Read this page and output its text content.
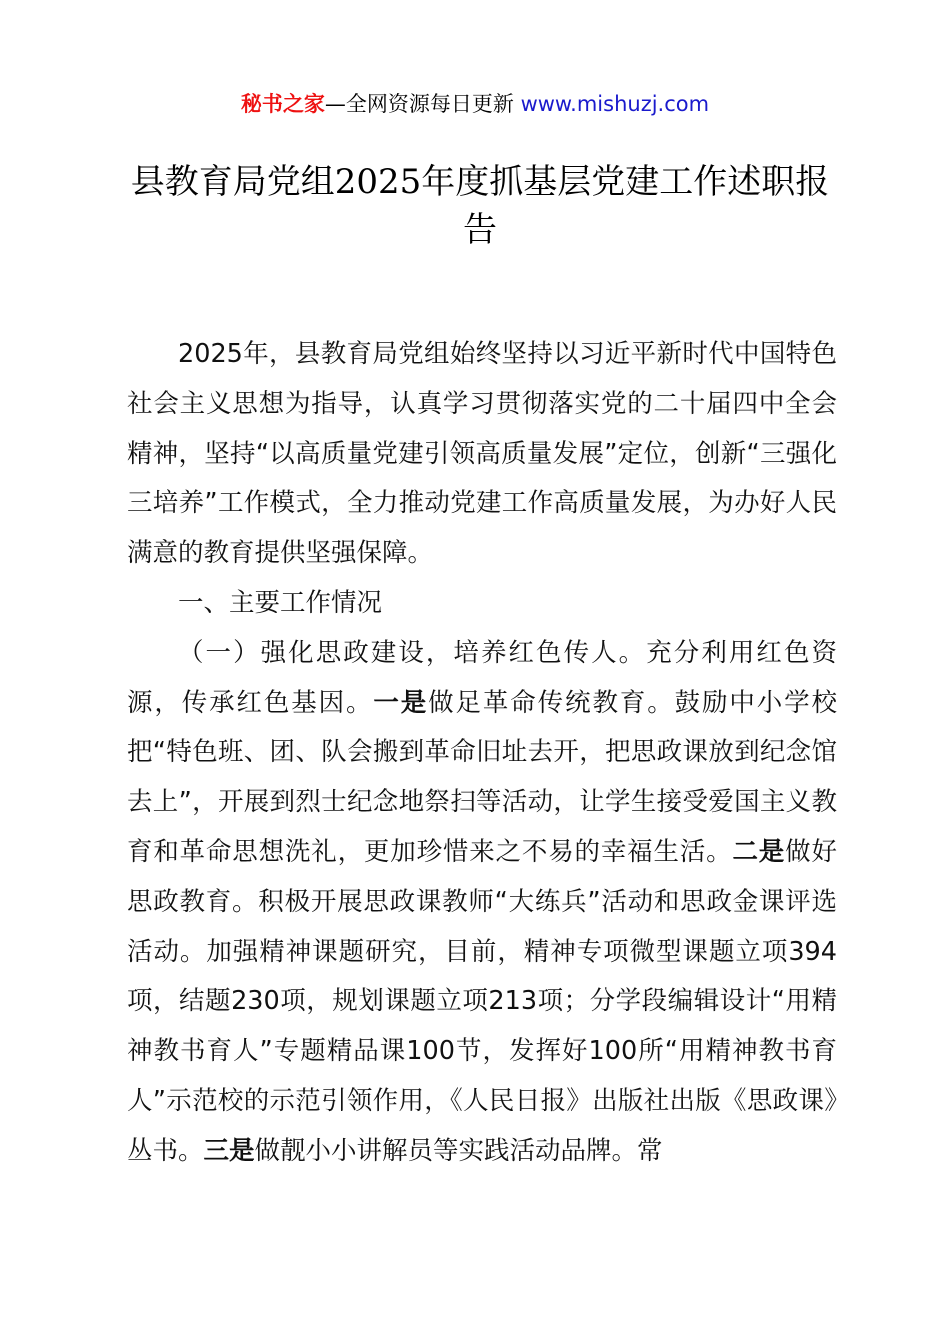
秘书之家—全网资源每日更新 www.mishuzj.com
县教育局党组2025年度抓基层党建工作述职报告

2025年，县教育局党组始终坚持以习近平新时代中国特色社会主义思想为指导，认真学习贯彻落实党的二十届四中全会精神，坚持“以高质量党建引领高质量发展”定位，创新“三强化三培养”工作模式，全力推动党建工作高质量发展，为办好人民满意的教育提供坚强保障。

一、主要工作情况

（一）强化思政建设，培养红色传人。充分利用红色资源，传承红色基因。一是做足革命传统教育。鼓励中小学校把“特色班、团、队会搬到革命旧址去开，把思政课放到纪念馆去上”，开展到烈士纪念地祭扫等活动，让学生接受爱国主义教育和革命思想洗礼，更加珍惜来之不易的幸福生活。二是做好思政教育。积极开展思政课教师“大练兵”活动和思政金课评选活动。加强精神课题研究，目前，精神专项微型课题立项394项，结题230项，规划课题立项213项；分学段编辑设计“用精神教书育人”专题精品课100节，发挥好100所“用精神教书育人”示范校的示范引领作用，《人民日报》出版社出版《思政课》丛书。三是做靓小小讲解员等实践活动品牌。常
